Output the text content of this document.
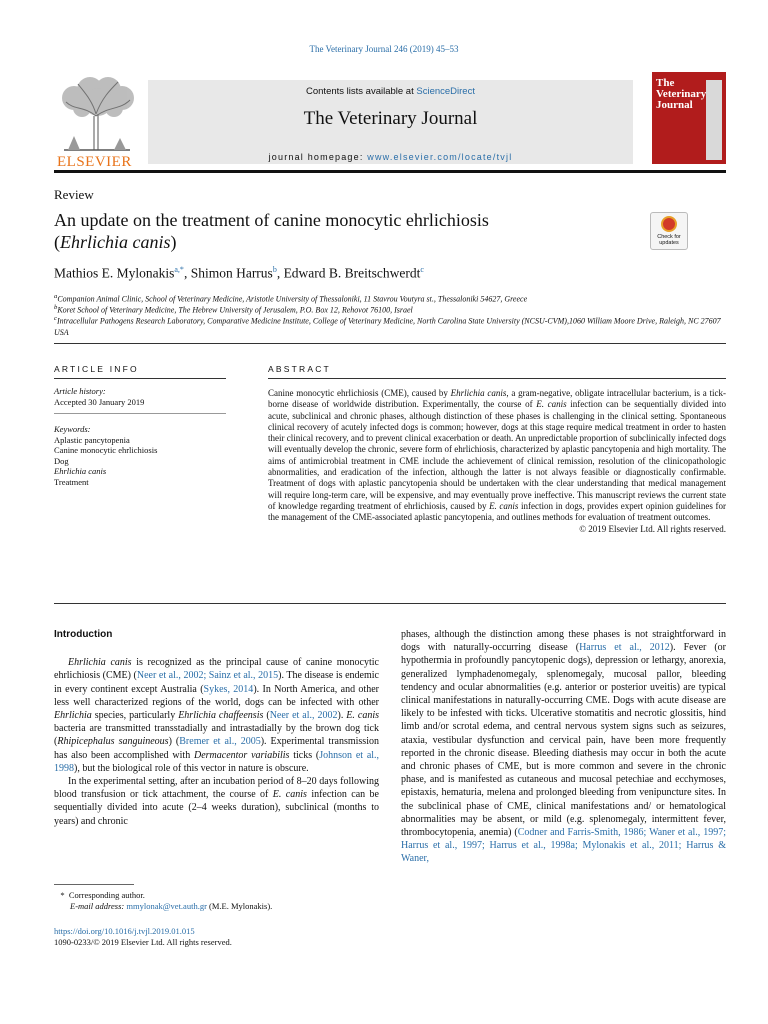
The Veterinary Journal 246 (2019) 45–53
ELSEVIER
Contents lists available at ScienceDirect
The Veterinary Journal
journal homepage: www.elsevier.com/locate/tvjl
The Veterinary Journal
Review
An update on the treatment of canine monocytic ehrlichiosis
(Ehrlichia canis)	Check for updates
Mathios E. Mylonakis$^{a,*}$, Shimon Harrus$^b$, Edward B. Breitschwerdt$^c$
$^a$Companion Animal Clinic, School of Veterinary Medicine, Aristotle University of Thessaloniki, 11 Stavrou Voutyra st., Thessaloniki 54627, Greece
$^b$Koret School of Veterinary Medicine, The Hebrew University of Jerusalem, P.O. Box 12, Rehovot 76100, Israel
$^c$Intracellular Pathogens Research Laboratory, Comparative Medicine Institute, College of Veterinary Medicine, North Carolina State University (NCSU-CVM),1060 William Moore Drive, Raleigh, NC 27607 USA
ARTICLE INFO
Article history:
Accepted 30 January 2019
Keywords:
Aplastic pancytopenia
Canine monocytic ehrlichiosis
Dog
Ehrlichia canis
Treatment
ABSTRACT
Canine monocytic ehrlichiosis (CME), caused by Ehrlichia canis, a gram-negative, obligate intracellular bacterium, is a tick-borne disease of worldwide distribution. Experimentally, the course of E. canis infection can be sequentially divided into acute, subclinical and chronic phases, although distinction of these phases is challenging in the clinical setting. Spontaneous clinical recovery of acutely infected dogs is common; however, dogs at this stage require medical treatment in order to hasten their clinical recovery, and to prevent clinical exacerbation or death. An unpredictable proportion of subclinically infected dogs will eventually develop the chronic, severe form of ehrlichiosis, characterized by aplastic pancytopenia and high mortality. The aims of antimicrobial treatment in CME include the achievement of clinical remission, resolution of the clinicopathologic abnormalities, and eradication of the infection, although the latter is not always feasible or diagnostically confirmable. Treatment of dogs with aplastic pancytopenia should be undertaken with the clear understanding that medical management will require long-term care, will be expensive, and may eventually prove ineffective. This manuscript reviews the current state of knowledge regarding treatment of ehrlichiosis, caused by E. canis infection in dogs, provides expert opinion guidelines for the management of the CME-associated aplastic pancytopenia, and outlines methods for evaluation of treatment outcomes.
© 2019 Elsevier Ltd. All rights reserved.

Introduction

Ehrlichia canis is recognized as the principal cause of canine monocytic ehrlichiosis (CME) (Neer et al., 2002; Sainz et al., 2015). The disease is endemic in every continent except Australia (Sykes, 2014). In North America, and other less well characterized regions of the world, dogs can be infected with other Ehrlichia species, particularly Ehrlichia chaffeensis (Neer et al., 2002). E. canis bacteria are transmitted transstadially and intrastadially by the brown dog tick (Rhipicephalus sanguineous) (Bremer et al., 2005). Experimental transmission has also been accomplished with Dermacentor variabilis ticks (Johnson et al., 1998), but the biological role of this vector in nature is obscure.

In the experimental setting, after an incubation period of 8–20 days following blood transfusion or tick attachment, the course of E. canis infection can be sequentially divided into acute (2–4 weeks duration), subclinical (months to years) and chronic

*  Corresponding author.
E-mail address: mmylonak@vet.auth.gr (M.E. Mylonakis).
https://doi.org/10.1016/j.tvjl.2019.01.015
1090-0233/© 2019 Elsevier Ltd. All rights reserved.

phases, although the distinction among these phases is not straightforward in dogs with naturally-occurring disease (Harrus et al., 2012). Fever (or hypothermia in profoundly pancytopenic dogs), depression or lethargy, anorexia, generalized lymphadenomegaly, splenomegaly, mucosal pallor, bleeding tendency and ocular abnormalities (e.g. anterior or posterior uveitis) are typical clinical manifestations in naturally-occurring CME. Dogs with acute disease are likely to be infested with ticks. Ulcerative stomatitis and necrotic glossitis, hind limb and/or scrotal edema, and central nervous system signs such as seizures, ataxia, vestibular dysfunction and cervical pain, have been more frequently reported in the chronic disease. Bleeding diathesis may occur in both the acute and chronic phases of CME, but is more common and severe in the chronic phase, and is manifested as cutaneous and mucosal petechiae and ecchymoses, epistaxis, hematuria, melena and prolonged bleeding from venipuncture sites. In the subclinical phase of CME, clinical manifestations and/ or hematological abnormalities may be absent, or mild (e.g. splenomegaly, intermittent fever, thrombocytopenia, anemia) (Codner and Farris-Smith, 1986; Waner et al., 1997; Harrus et al., 1997; Harrus et al., 1998a; Mylonakis et al., 2011; Harrus & Waner,
